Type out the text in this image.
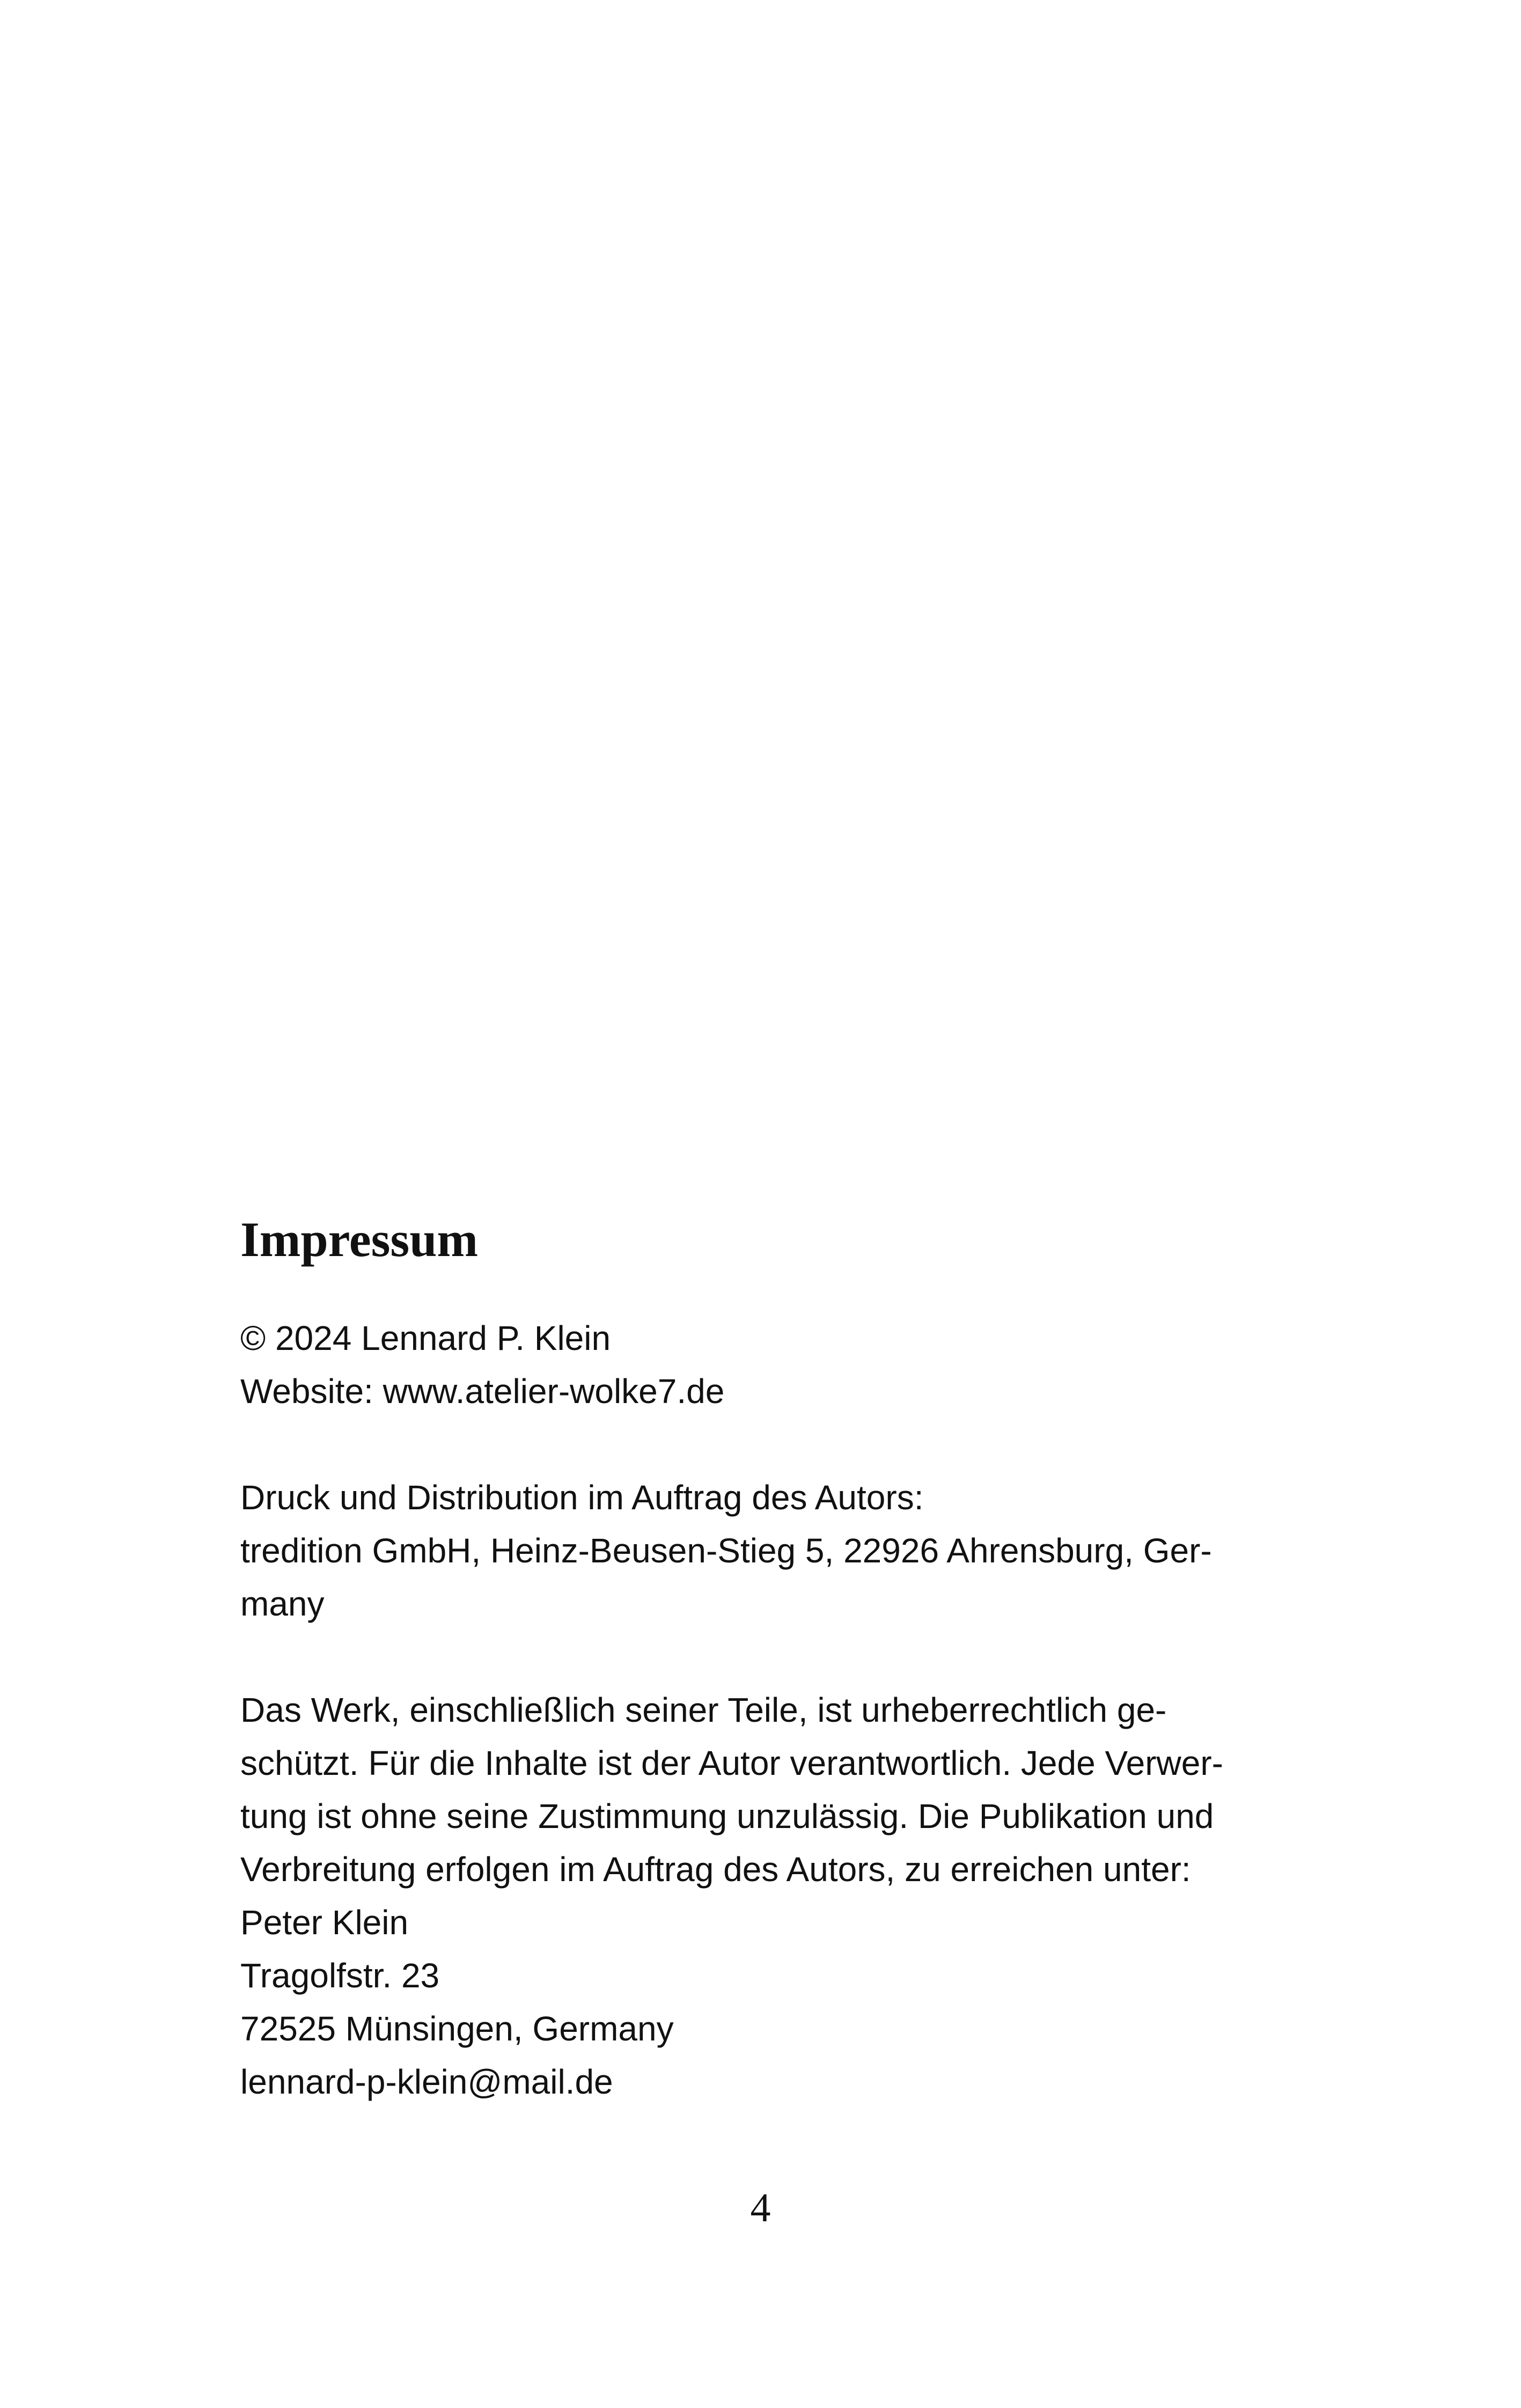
Impressum
© 2024 Lennard P. Klein
Website: www.atelier-wolke7.de
Druck und Distribution im Auftrag des Autors:
tredition GmbH, Heinz-Beusen-Stieg 5, 22926 Ahrensburg, Ger-
many
Das Werk, einschließlich seiner Teile, ist urheberrechtlich ge-
schützt. Für die Inhalte ist der Autor verantwortlich. Jede Verwer-
tung ist ohne seine Zustimmung unzulässig. Die Publikation und
Verbreitung erfolgen im Auftrag des Autors, zu erreichen unter:
Peter Klein
Tragolfstr. 23
72525 Münsingen, Germany
lennard-p-klein@mail.de
4
